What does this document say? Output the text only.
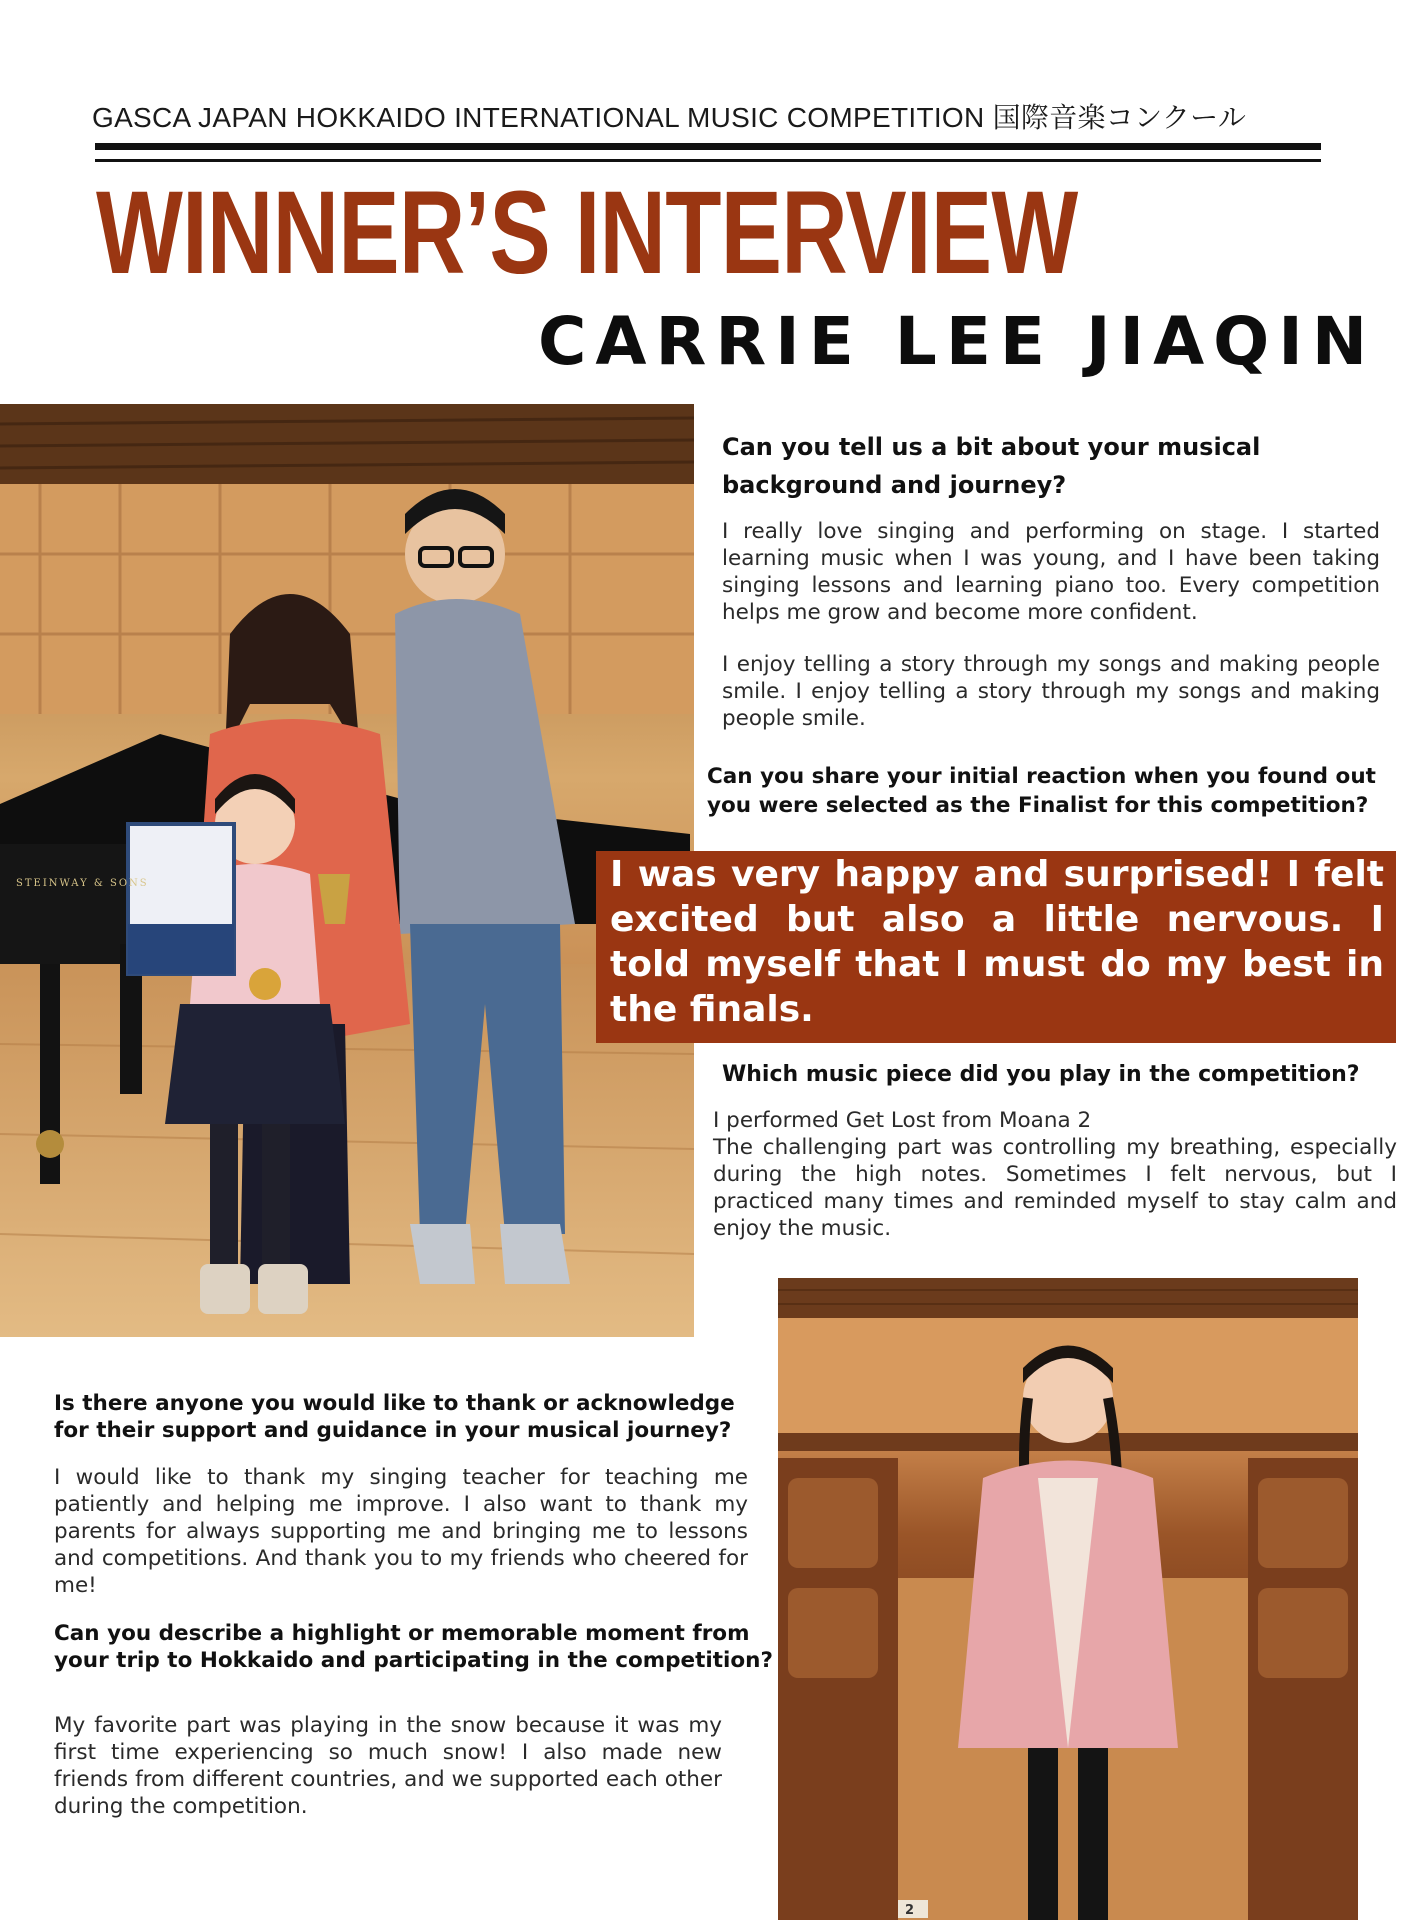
GASCA JAPAN HOKKAIDO INTERNATIONAL MUSIC COMPETITION 国際音楽コンクール
WINNER’S INTERVIEW
CARRIE LEE JIAQIN
STEINWAY & SONS
Can you tell us a bit about your musical background and journey?
I really love singing and performing on stage. I started learning music when I was young, and I have been taking singing lessons and learning piano too. Every competition helps me grow and become more confident.
I enjoy telling a story through my songs and making people smile. I enjoy telling a story through my songs and making people smile.
Can you share your initial reaction when you found out you were selected as the Finalist for this competition?
I was very happy and surprised! I felt excited but also a little nervous. I told myself that I must do my best in the finals.
Which music piece did you play in the competition?
I performed Get Lost from Moana 2
The challenging part was controlling my breathing, especially during the high notes. Sometimes I felt nervous, but I practiced many times and reminded myself to stay calm and enjoy the music.
2
Is there anyone you would like to thank or acknowledge for their support and guidance in your musical journey?
I would like to thank my singing teacher for teaching me patiently and helping me improve. I also want to thank my parents for always supporting me and bringing me to lessons and competitions. And thank you to my friends who cheered for me!
Can you describe a highlight or memorable moment from your trip to Hokkaido and participating in the competition?
My favorite part was playing in the snow because it was my first time experiencing so much snow! I also made new friends from different countries, and we supported each other during the competition.
